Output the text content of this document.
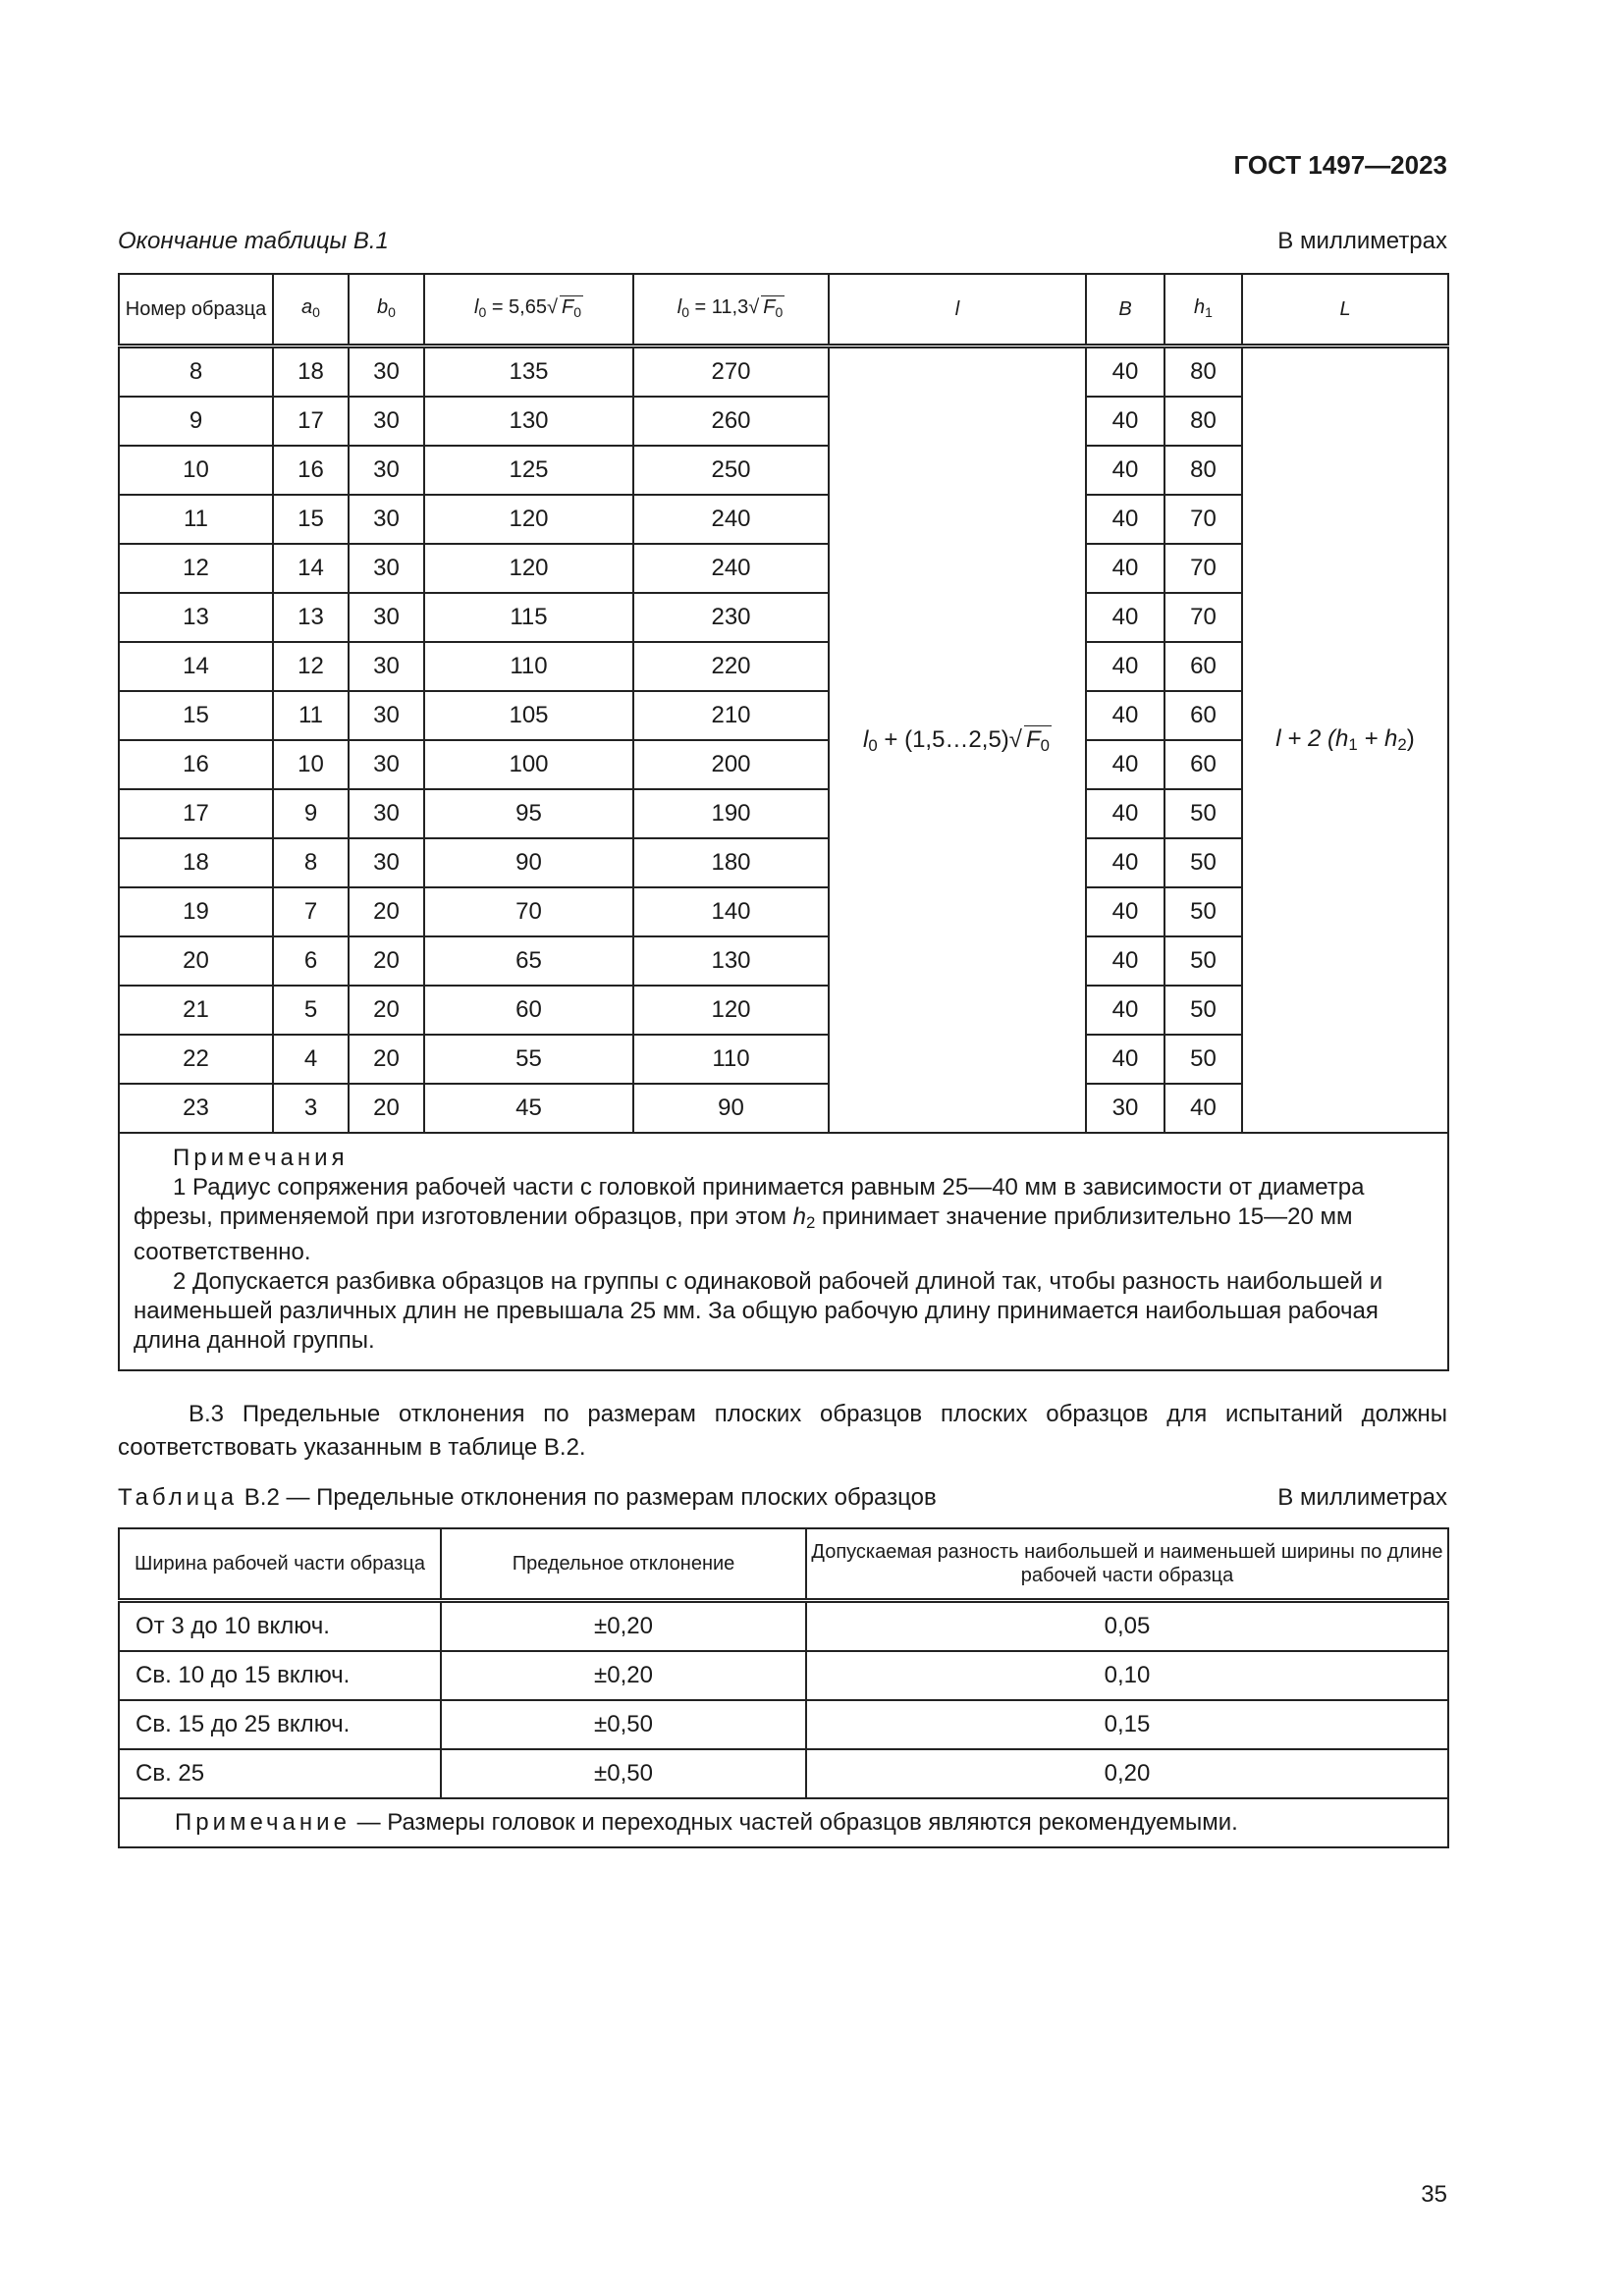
ГОСТ 1497—2023
Окончание таблицы В.1	В миллиметрах
Номер образца	$a_0$	$b_0$	$l_0 = 5,65√$ $F_0$	$l_0 = 11,3√$ $F_0$	l	B	$h_1$	L
8	18	30	135	270	$l_0$ + (1,5…2,5)√ $F_0$	40	80	l + 2 $(h_1 + h_2)$
9	17	30	130	260		40	80	
10	16	30	125	250		40	80	
11	15	30	120	240		40	70	
12	14	30	120	240		40	70	
13	13	30	115	230		40	70	
14	12	30	110	220		40	60	
15	11	30	105	210		40	60	
16	10	30	100	200		40	60	
17	9	30	95	190		40	50	
18	8	30	90	180		40	50	
19	7	20	70	140		40	50	
20	6	20	65	130		40	50	
21	5	20	60	120		40	50	
22	4	20	55	110		40	50	
23	3	20	45	90		30	40	

Примечания

1 Радиус сопряжения рабочей части с головкой принимается равным 25—40 мм в зависимости от диаметра фрезы, применяемой при изготовлении образцов, при этом $h_2$ принимает значение приблизительно 15—20 мм соответственно.

2 Допускается разбивка образцов на группы с одинаковой рабочей длиной так, чтобы разность наибольшей и наименьшей различных длин не превышала 25 мм. За общую рабочую длину принимается наибольшая рабочая длина данной группы.								

В.3 Предельные отклонения по размерам плоских образцов плоских образцов для испытаний должны соответствовать указанным в таблице В.2.
Таблица В.2 — Предельные отклонения по размерам плоских образцов	В миллиметрах
Ширина рабочей части образца	Предельное отклонение	Допускаемая разность наибольшей и наименьшей ширины по длине рабочей части образца
От 3 до 10 включ.	±0,20	0,05
Св. 10 до 15 включ.	±0,20	0,10
Св. 15 до 25 включ.	±0,50	0,15
Св. 25	±0,50	0,20
Примечание — Размеры головок и переходных частей образцов являются рекомендуемыми.		
35
